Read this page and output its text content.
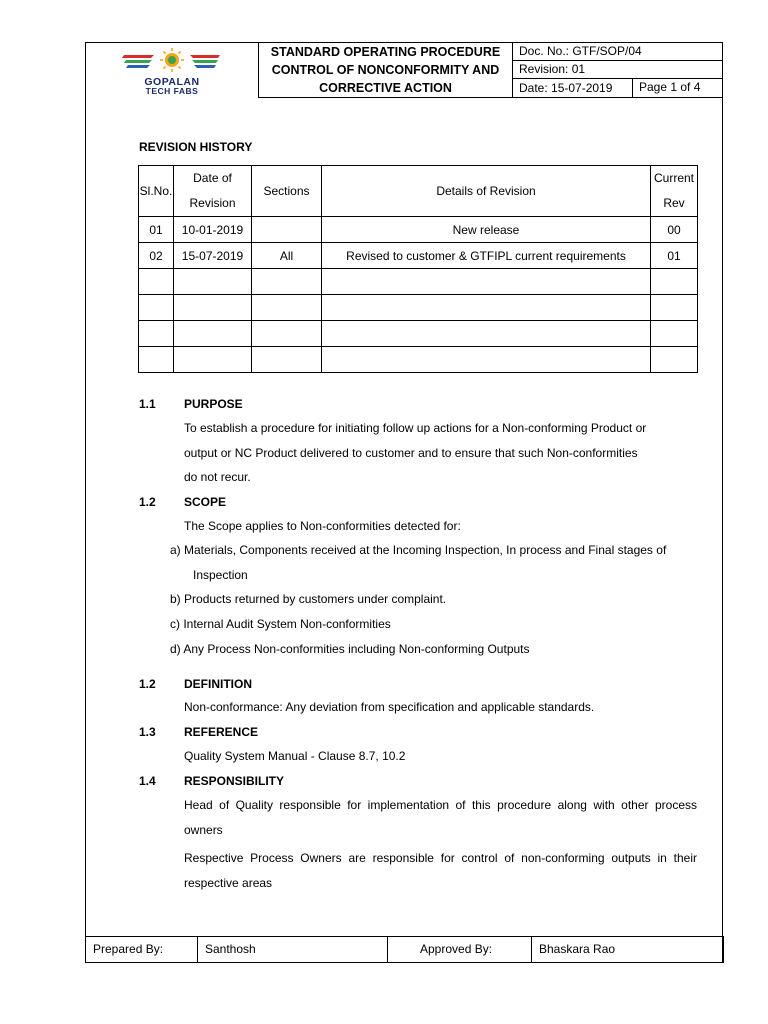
GOPALAN
TECH FABS
STANDARD OPERATING PROCEDURE
CONTROL OF NONCONFORMITY AND
CORRECTIVE ACTION
Doc. No.: GTF/SOP/04
Revision: 01
Date: 15-07-2019	Page 1 of 4
REVISION HISTORY
Sl.No.	Date of Revision	Sections	Details of Revision	Current Rev
01	10-01-2019		New release	00
02	15-07-2019	All	Revised to customer & GTFIPL current requirements	01

1.1 PURPOSE
To establish a procedure for initiating follow up actions for a Non-conforming Product or
output or NC Product delivered to customer and to ensure that such Non-conformities
do not recur.
1.2 SCOPE
The Scope applies to Non-conformities detected for:
a) Materials, Components received at the Incoming Inspection, In process and Final stages of
Inspection
b) Products returned by customers under complaint.
c) Internal Audit System Non-conformities
d) Any Process Non-conformities including Non-conforming Outputs
1.2 DEFINITION
Non-conformance: Any deviation from specification and applicable standards.
1.3 REFERENCE
Quality System Manual - Clause 8.7, 10.2
1.4 RESPONSIBILITY
Head of Quality responsible for implementation of this procedure along with other process owners
Respective Process Owners are responsible for control of non-conforming outputs in their respective areas
Prepared By:	Santhosh	Approved By:	Bhaskara Rao
